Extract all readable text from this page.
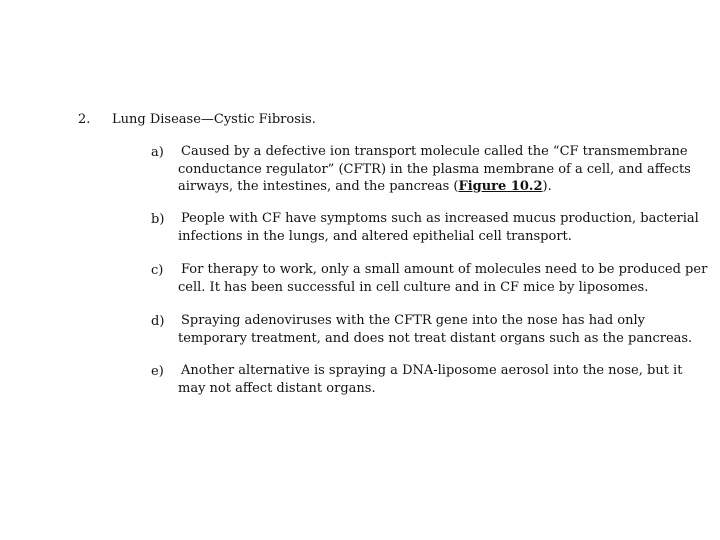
2. Lung Disease—Cystic Fibrosis.
a) Caused by a defective ion transport molecule called the “CF transmembrane conductance regulator” (CFTR) in the plasma membrane of a cell, and affects airways, the intestines, and the pancreas (Figure 10.2).
b) People with CF have symptoms such as increased mucus production, bacterial infections in the lungs, and altered epithelial cell transport.
c) For therapy to work, only a small amount of molecules need to be produced per cell. It has been successful in cell culture and in CF mice by liposomes.
d) Spraying adenoviruses with the CFTR gene into the nose has had only temporary treatment, and does not treat distant organs such as the pancreas.
e) Another alternative is spraying a DNA-liposome aerosol into the nose, but it may not affect distant organs.
